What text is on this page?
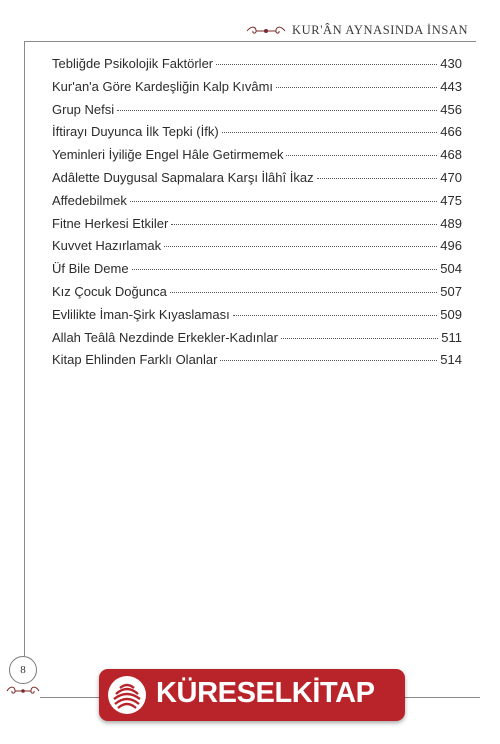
KUR'ÂN AYNASINDA İNSAN
Tebliğde Psikolojik Faktörler	430
Kur'an'a Göre Kardeşliğin Kalp Kıvâmı	443
Grup Nefsi	456
İftirayı Duyunca İlk Tepki (İfk)	466
Yeminleri İyiliğe Engel Hâle Getirmemek	468
Adâlette Duygusal Sapmalara Karşı İlâhî İkaz	470
Affedebilmek	475
Fitne Herkesi Etkiler	489
Kuvvet Hazırlamak	496
Üf Bile Deme	504
Kız Çocuk Doğunca	507
Evlilikte İman-Şirk Kıyaslaması	509
Allah Teâlâ Nezdinde Erkekler-Kadınlar	511
Kitap Ehlinden Farklı Olanlar	514
8
KÜRESELKİTAP
